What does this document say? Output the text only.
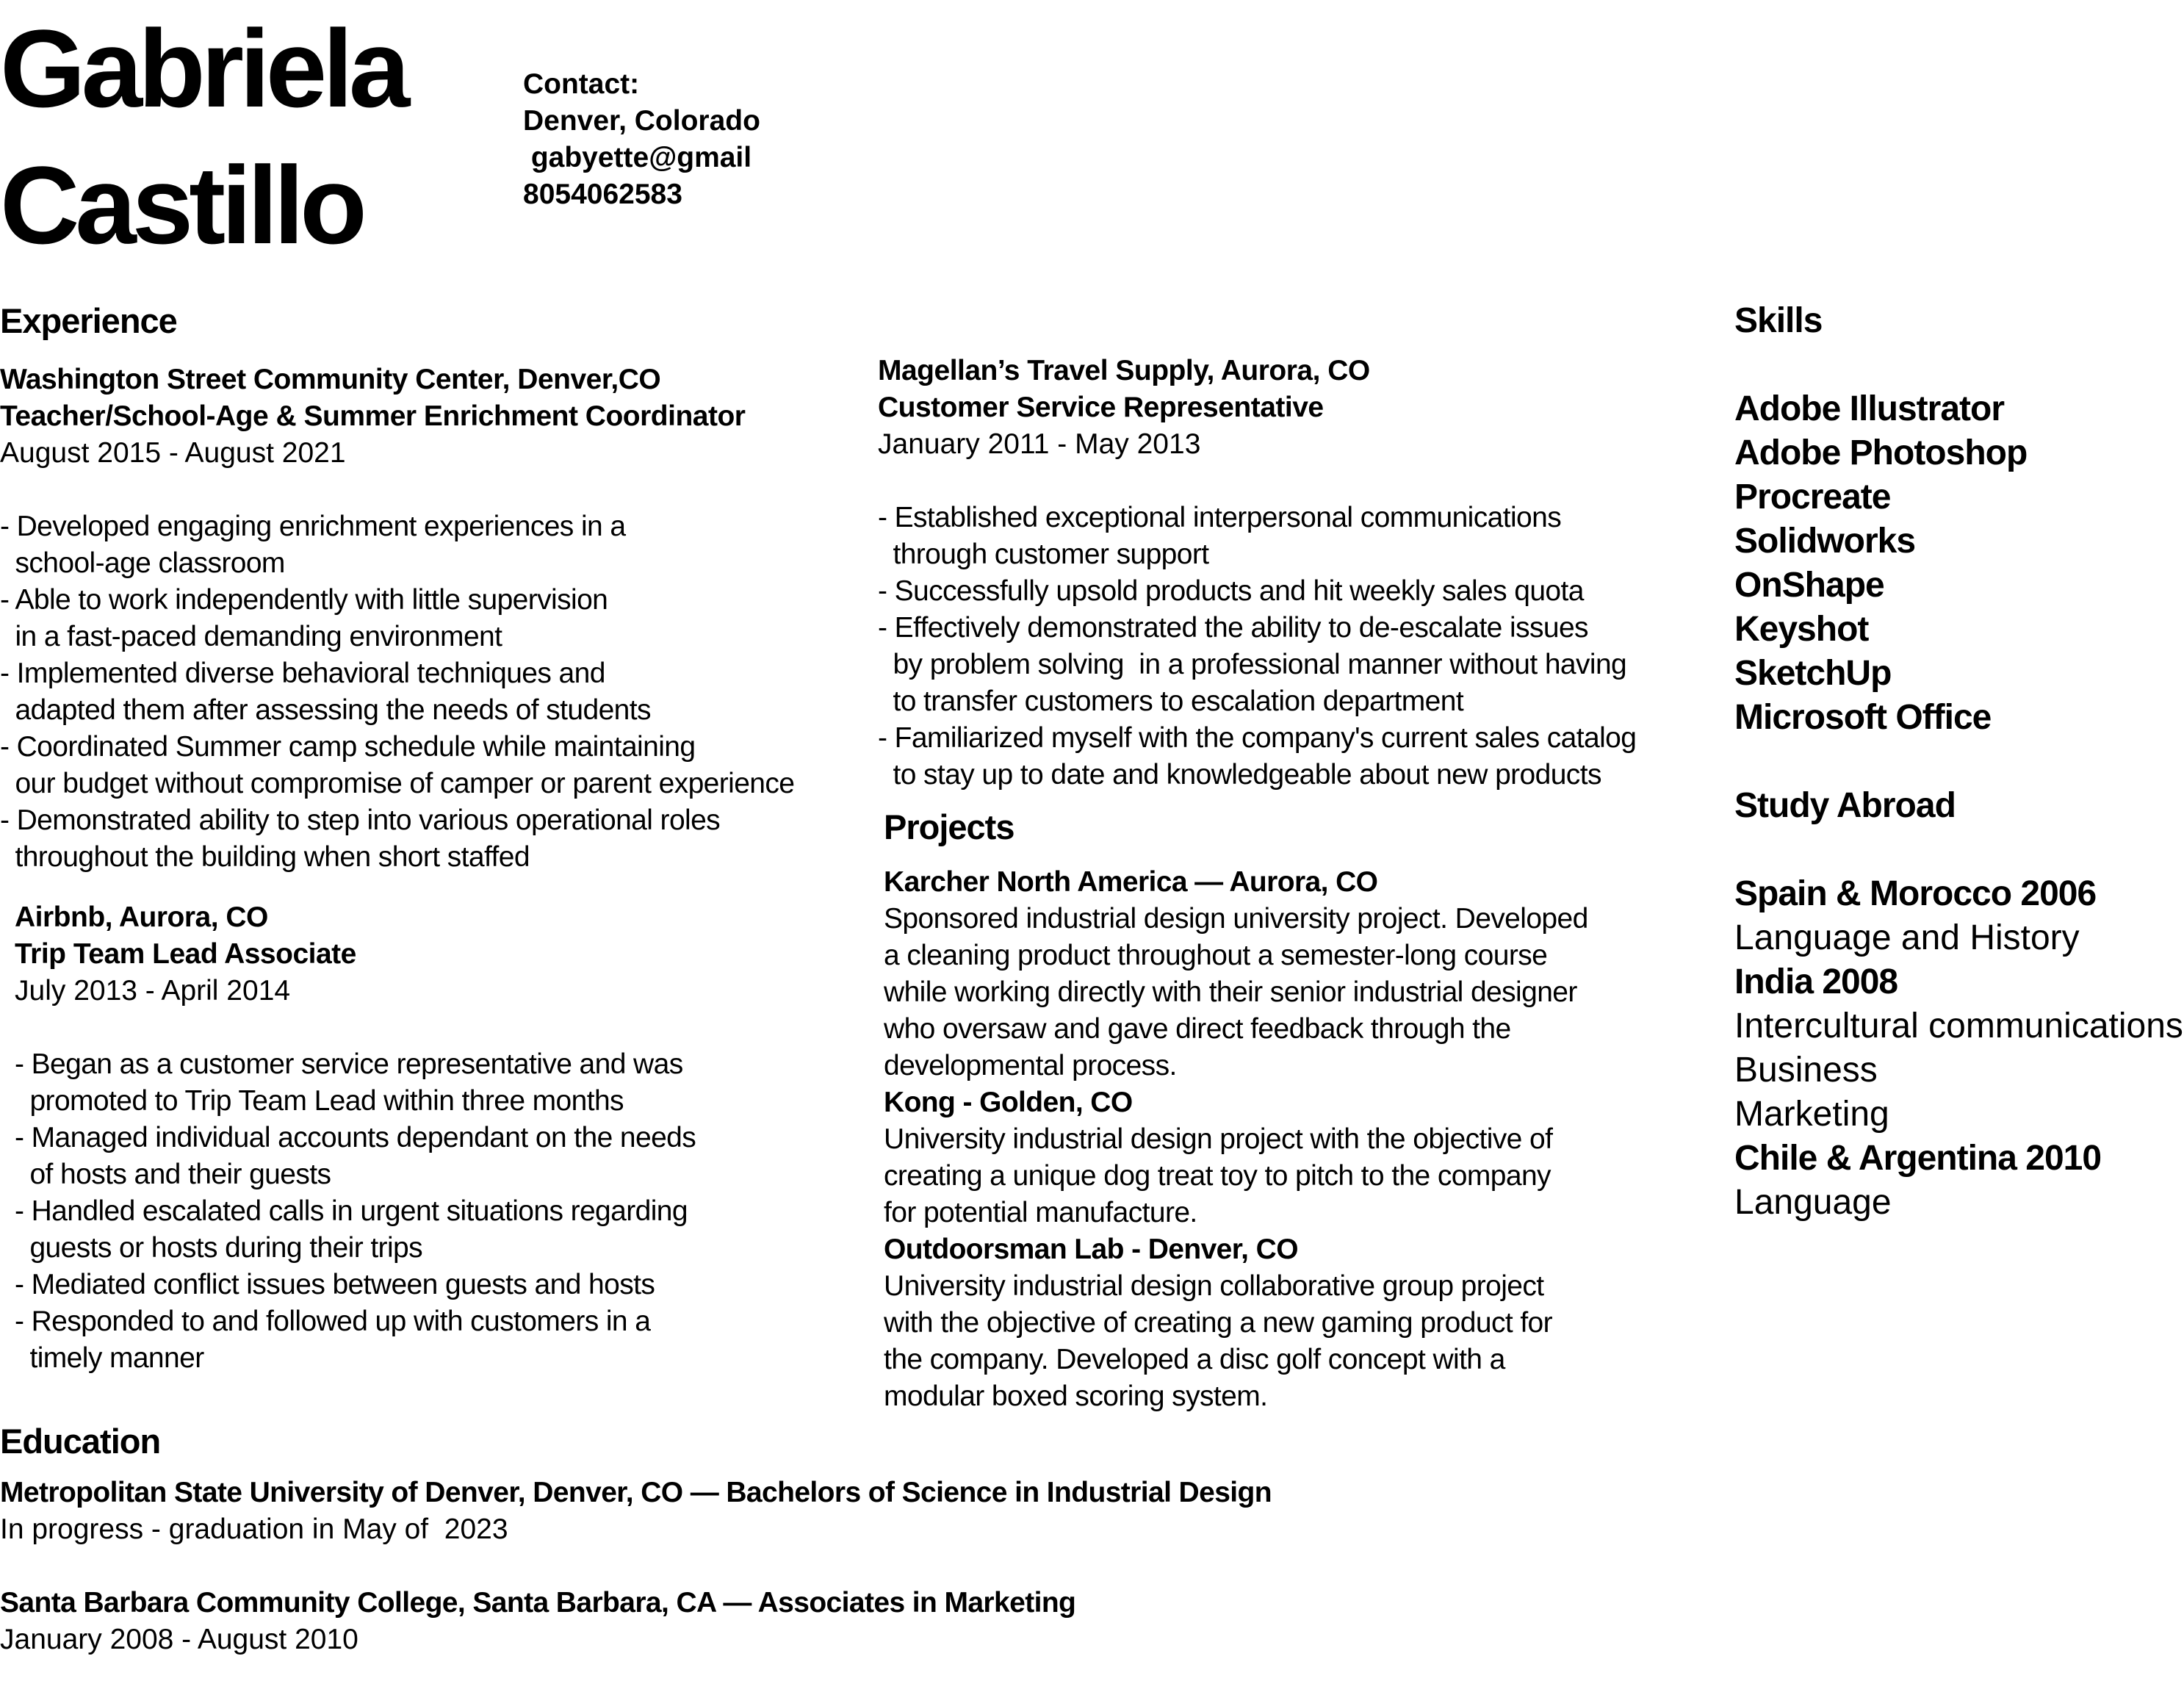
Gabriela
Castillo
Contact:
Denver, Colorado
gabyette@gmail
8054062583
Experience
Washington Street Community Center, Denver,CO
Teacher/School-Age & Summer Enrichment Coordinator
August 2015 - August 2021
- Developed engaging enrichment experiences in a
school-age classroom
- Able to work independently with little supervision
in a fast-paced demanding environment
- Implemented diverse behavioral techniques and
adapted them after assessing the needs of students
- Coordinated Summer camp schedule while maintaining
our budget without compromise of camper or parent experience
- Demonstrated ability to step into various operational roles
throughout the building when short staffed
Airbnb, Aurora, CO
Trip Team Lead Associate
July 2013 - April 2014
- Began as a customer service representative and was
promoted to Trip Team Lead within three months
- Managed individual accounts dependant on the needs
of hosts and their guests
- Handled escalated calls in urgent situations regarding
guests or hosts during their trips
- Mediated conflict issues between guests and hosts
- Responded to and followed up with customers in a
timely manner
Magellan’s Travel Supply, Aurora, CO
Customer Service Representative
January 2011 - May 2013
- Established exceptional interpersonal communications
through customer support
- Successfully upsold products and hit weekly sales quota
- Effectively demonstrated the ability to de-escalate issues
by problem solving  in a professional manner without having
to transfer customers to escalation department
- Familiarized myself with the company's current sales catalog
to stay up to date and knowledgeable about new products
Projects
Karcher North America — Aurora, CO
Sponsored industrial design university project. Developed
a cleaning product throughout a semester-long course
while working directly with their senior industrial designer
who oversaw and gave direct feedback through the
developmental process.
Kong - Golden, CO
University industrial design project with the objective of
creating a unique dog treat toy to pitch to the company
for potential manufacture.
Outdoorsman Lab - Denver, CO
University industrial design collaborative group project
with the objective of creating a new gaming product for
the company. Developed a disc golf concept with a
modular boxed scoring system.
Skills
Adobe Illustrator
Adobe Photoshop
Procreate
Solidworks
OnShape
Keyshot
SketchUp
Microsoft Office
Study Abroad
Spain & Morocco 2006
Language and History
India 2008
Intercultural communications
Business
Marketing
Chile & Argentina 2010
Language
Education
Metropolitan State University of Denver, Denver, CO — Bachelors of Science in Industrial Design
In progress - graduation in May of  2023
Santa Barbara Community College, Santa Barbara, CA — Associates in Marketing
January 2008 - August 2010
